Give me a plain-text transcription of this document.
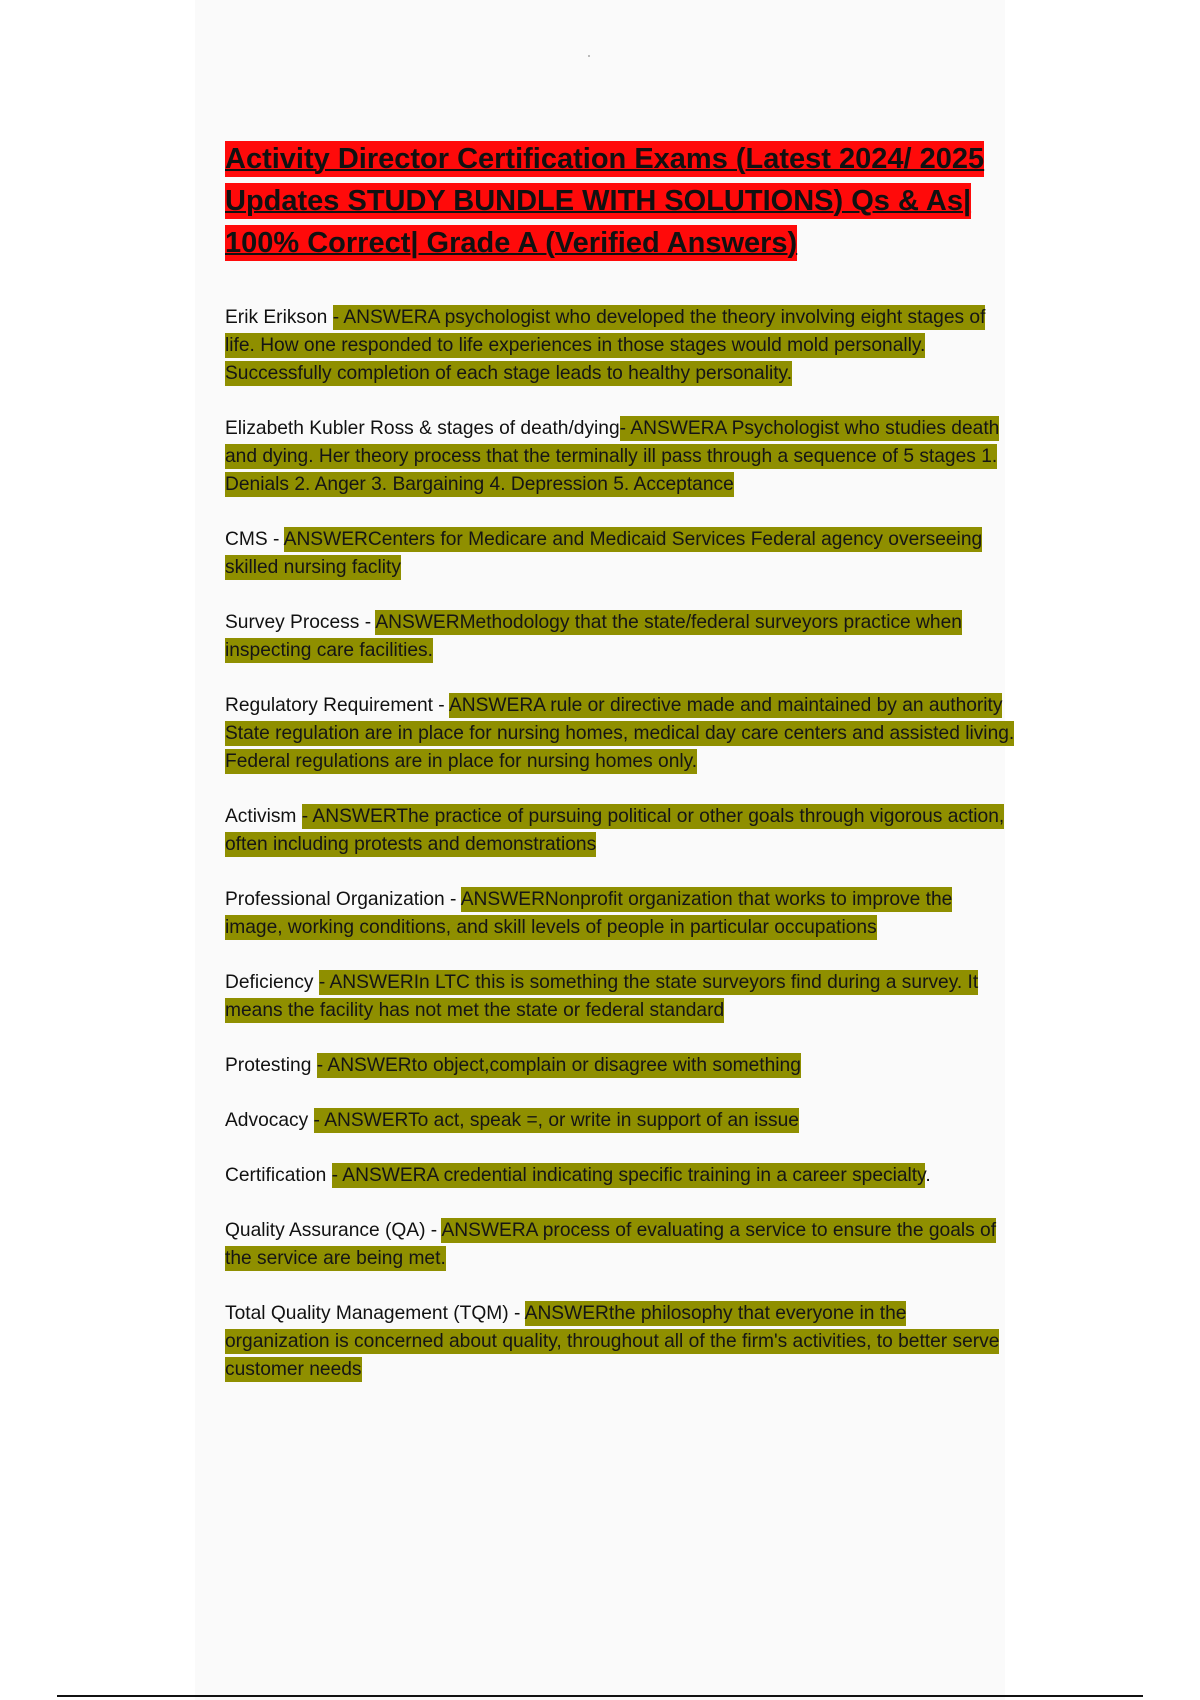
Activity Director Certification Exams (Latest 2024/ 2025 Updates STUDY BUNDLE WITH SOLUTIONS) Qs & As| 100% Correct| Grade A (Verified Answers)

Erik Erikson - ANSWERA psychologist who developed the theory involving eight stages of life. How one responded to life experiences in those stages would mold personally. Successfully completion of each stage leads to healthy personality.

Elizabeth Kubler Ross & stages of death/dying- ANSWERA Psychologist who studies death and dying. Her theory process that the terminally ill pass through a sequence of 5 stages 1. Denials 2. Anger 3. Bargaining 4. Depression 5. Acceptance

CMS - ANSWERCenters for Medicare and Medicaid Services Federal agency overseeing skilled nursing faclity

Survey Process - ANSWERMethodology that the state/federal surveyors practice when inspecting care facilities.

Regulatory Requirement - ANSWERA rule or directive made and maintained by an authority State regulation are in place for nursing homes, medical day care centers and assisted living. Federal regulations are in place for nursing homes only.

Activism - ANSWERThe practice of pursuing political or other goals through vigorous action, often including protests and demonstrations

Professional Organization - ANSWERNonprofit organization that works to improve the image, working conditions, and skill levels of people in particular occupations

Deficiency - ANSWERIn LTC this is something the state surveyors find during a survey. It means the facility has not met the state or federal standard

Protesting - ANSWERto object,complain or disagree with something

Advocacy - ANSWERTo act, speak =, or write in support of an issue

Certification - ANSWERA credential indicating specific training in a career specialty.

Quality Assurance (QA) - ANSWERA process of evaluating a service to ensure the goals of the service are being met.

Total Quality Management (TQM) - ANSWERthe philosophy that everyone in the organization is concerned about quality, throughout all of the firm's activities, to better serve customer needs
